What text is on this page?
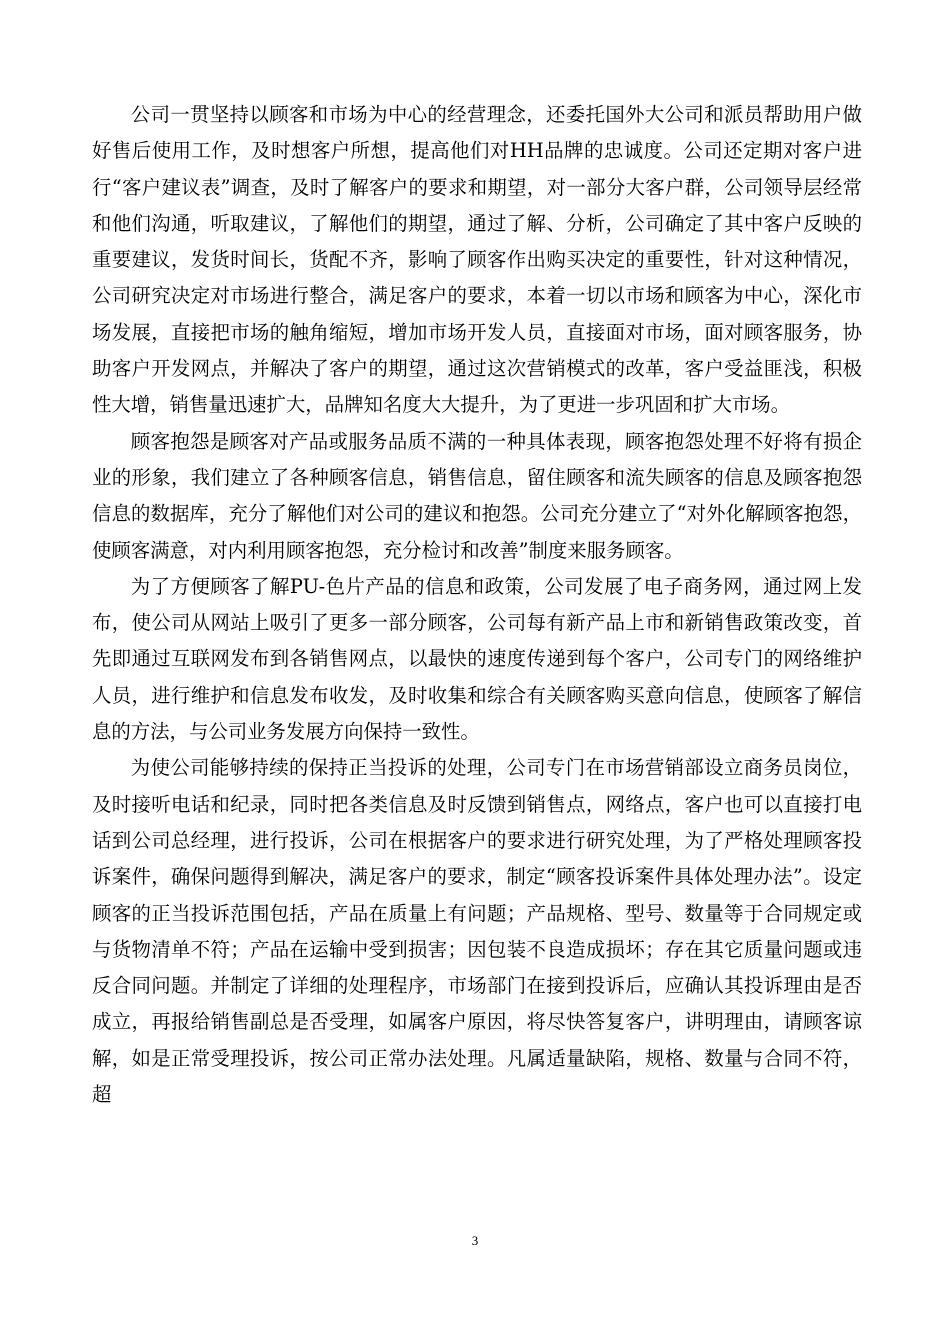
公司一贯坚持以顾客和市场为中心的经营理念，还委托国外大公司和派员帮助用户做好售后使用工作，及时想客户所想，提高他们对HH品牌的忠诚度。公司还定期对客户进行“客户建议表”调查，及时了解客户的要求和期望，对一部分大客户群，公司领导层经常和他们沟通，听取建议，了解他们的期望，通过了解、分析，公司确定了其中客户反映的重要建议，发货时间长，货配不齐，影响了顾客作出购买决定的重要性，针对这种情况，公司研究决定对市场进行整合，满足客户的要求，本着一切以市场和顾客为中心，深化市场发展，直接把市场的触角缩短，增加市场开发人员，直接面对市场，面对顾客服务，协助客户开发网点，并解决了客户的期望，通过这次营销模式的改革，客户受益匪浅，积极性大增，销售量迅速扩大，品牌知名度大大提升，为了更进一步巩固和扩大市场。

顾客抱怨是顾客对产品或服务品质不满的一种具体表现，顾客抱怨处理不好将有损企业的形象，我们建立了各种顾客信息，销售信息，留住顾客和流失顾客的信息及顾客抱怨信息的数据库，充分了解他们对公司的建议和抱怨。公司充分建立了“对外化解顾客抱怨，使顾客满意，对内利用顾客抱怨，充分检讨和改善”制度来服务顾客。

为了方便顾客了解PU-色片产品的信息和政策，公司发展了电子商务网，通过网上发布，使公司从网站上吸引了更多一部分顾客，公司每有新产品上市和新销售政策改变，首先即通过互联网发布到各销售网点，以最快的速度传递到每个客户，公司专门的网络维护人员，进行维护和信息发布收发，及时收集和综合有关顾客购买意向信息，使顾客了解信息的方法，与公司业务发展方向保持一致性。

为使公司能够持续的保持正当投诉的处理，公司专门在市场营销部设立商务员岗位，及时接听电话和纪录，同时把各类信息及时反馈到销售点，网络点，客户也可以直接打电话到公司总经理，进行投诉，公司在根据客户的要求进行研究处理，为了严格处理顾客投诉案件，确保问题得到解决，满足客户的要求，制定“顾客投诉案件具体处理办法”。设定顾客的正当投诉范围包括，产品在质量上有问题；产品规格、型号、数量等于合同规定或与货物清单不符；产品在运输中受到损害；因包装不良造成损坏；存在其它质量问题或违反合同问题。并制定了详细的处理程序，市场部门在接到投诉后，应确认其投诉理由是否成立，再报给销售副总是否受理，如属客户原因，将尽快答复客户，讲明理由，请顾客谅解，如是正常受理投诉，按公司正常办法处理。凡属适量缺陷，规格、数量与合同不符，超

3
